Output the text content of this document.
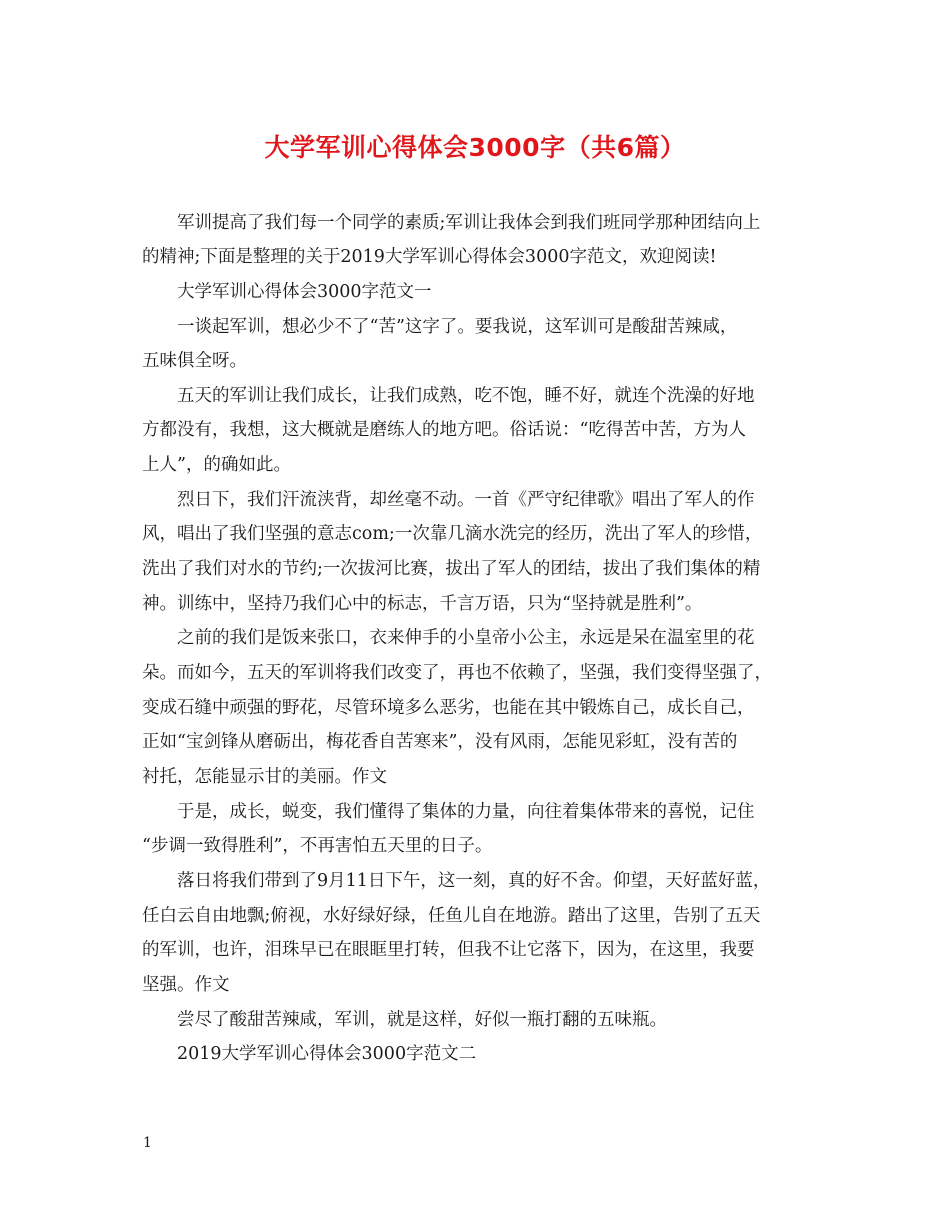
大学军训心得体会3000字（共6篇）
军训提高了我们每一个同学的素质;军训让我体会到我们班同学那种团结向上
的精神;下面是整理的关于2019大学军训心得体会3000字范文，欢迎阅读!
大学军训心得体会3000字范文一
一谈起军训，想必少不了“苦”这字了。要我说，这军训可是酸甜苦辣咸，
五味俱全呀。
五天的军训让我们成长，让我们成熟，吃不饱，睡不好，就连个洗澡的好地
方都没有，我想，这大概就是磨练人的地方吧。俗话说：“吃得苦中苦，方为人
上人”，的确如此。
烈日下，我们汗流浃背，却丝毫不动。一首《严守纪律歌》唱出了军人的作
风，唱出了我们坚强的意志com;一次靠几滴水洗完的经历，洗出了军人的珍惜，
洗出了我们对水的节约;一次拔河比赛，拔出了军人的团结，拔出了我们集体的精
神。训练中，坚持乃我们心中的标志，千言万语，只为“坚持就是胜利”。
之前的我们是饭来张口，衣来伸手的小皇帝小公主，永远是呆在温室里的花
朵。而如今，五天的军训将我们改变了，再也不依赖了，坚强，我们变得坚强了，
变成石缝中顽强的野花，尽管环境多么恶劣，也能在其中锻炼自己，成长自己，
正如“宝剑锋从磨砺出，梅花香自苦寒来”，没有风雨，怎能见彩虹，没有苦的
衬托，怎能显示甘的美丽。作文
于是，成长，蜕变，我们懂得了集体的力量，向往着集体带来的喜悦，记住
“步调一致得胜利”，不再害怕五天里的日子。
落日将我们带到了9月11日下午，这一刻，真的好不舍。仰望，天好蓝好蓝，
任白云自由地飘;俯视，水好绿好绿，任鱼儿自在地游。踏出了这里，告别了五天
的军训，也许，泪珠早已在眼眶里打转，但我不让它落下，因为，在这里，我要
坚强。作文
尝尽了酸甜苦辣咸，军训，就是这样，好似一瓶打翻的五味瓶。
2019大学军训心得体会3000字范文二
1
